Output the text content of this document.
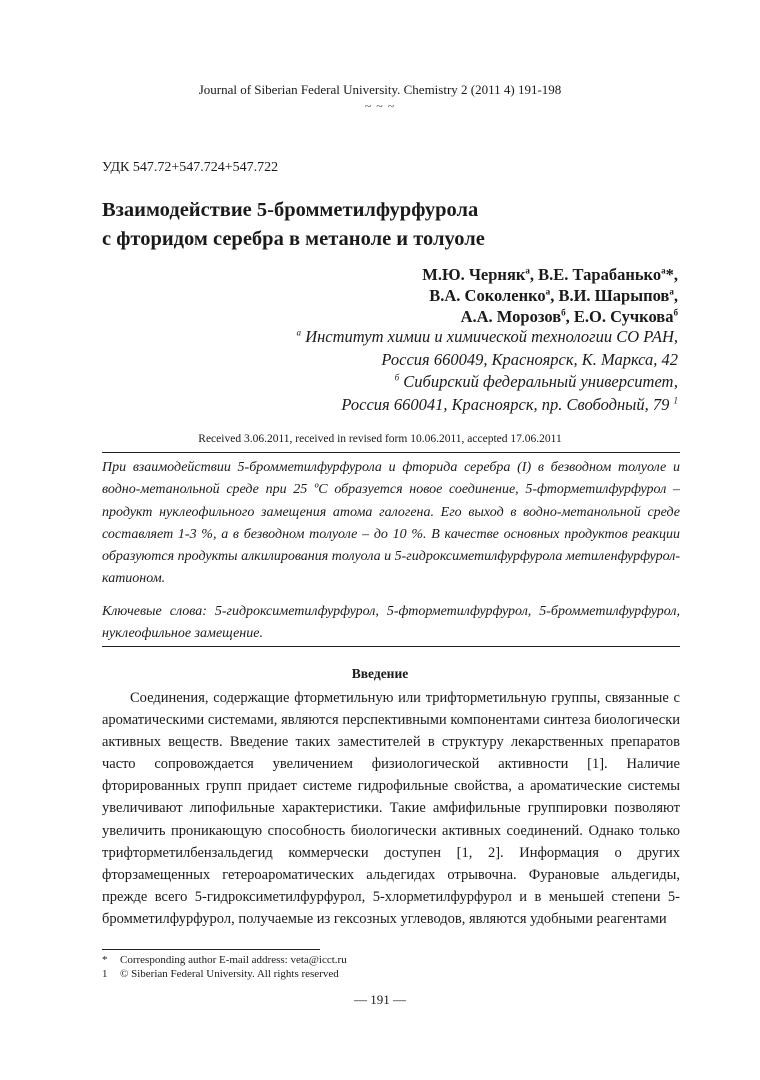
Journal of Siberian Federal University. Chemistry 2 (2011 4) 191-198
~ ~ ~
УДК 547.72+547.724+547.722
Взаимодействие 5-бромметилфурфурола
с фторидом серебра в метаноле и толуоле
М.Ю. Черняк$^а$, В.Е. Тарабанько$^а$*,
В.А. Соколенко$^а$, В.И. Шарыпов$^а$,
А.А. Морозов$^б$, Е.О. Сучкова$^б$
$^а$ Институт химии и химической технологии СО РАН,
Россия 660049, Красноярск, К. Маркса, 42
$^б$ Сибирский федеральный университет,
Россия 660041, Красноярск, пр. Свободный, 79 $^1$
Received 3.06.2011, received in revised form 10.06.2011, accepted 17.06.2011
При взаимодействии 5-бромметилфурфурола и фторида серебра (I) в безводном толуоле и водно-метанольной среде при 25 ºС образуется новое соединение, 5-фторметилфурфурол – продукт нуклеофильного замещения атома галогена. Его выход в водно-метанольной среде составляет 1-3 %, а в безводном толуоле – до 10 %. В качестве основных продуктов реакции образуются продукты алкилирования толуола и 5-гидроксиметилфурфурола метиленфурфурол-катионом.
Ключевые слова: 5-гидроксиметилфурфурол, 5-фторметилфурфурол, 5-бромметилфурфурол, нуклеофильное замещение.
Введение
Соединения, содержащие фторметильную или трифторметильную группы, связанные с ароматическими системами, являются перспективными компонентами синтеза биологически активных веществ. Введение таких заместителей в структуру лекарственных препаратов часто сопровождается увеличением физиологической активности [1]. Наличие фторированных групп придает системе гидрофильные свойства, а ароматические системы увеличивают липофильные характеристики. Такие амфифильные группировки позволяют увеличить проникающую способность биологически активных соединений. Однако только трифторметилбензальдегид коммерчески доступен [1, 2]. Информация о других фторзамещенных гетероароматических альдегидах отрывочна. Фурановые альдегиды, прежде всего 5-гидроксиметилфурфурол, 5-хлорметилфурфурол и в меньшей степени 5-бромметилфурфурол, получаемые из гексозных углеводов, являются удобными реагентами
* Corresponding author E-mail address: veta@icct.ru
1 © Siberian Federal University. All rights reserved
— 191 —
